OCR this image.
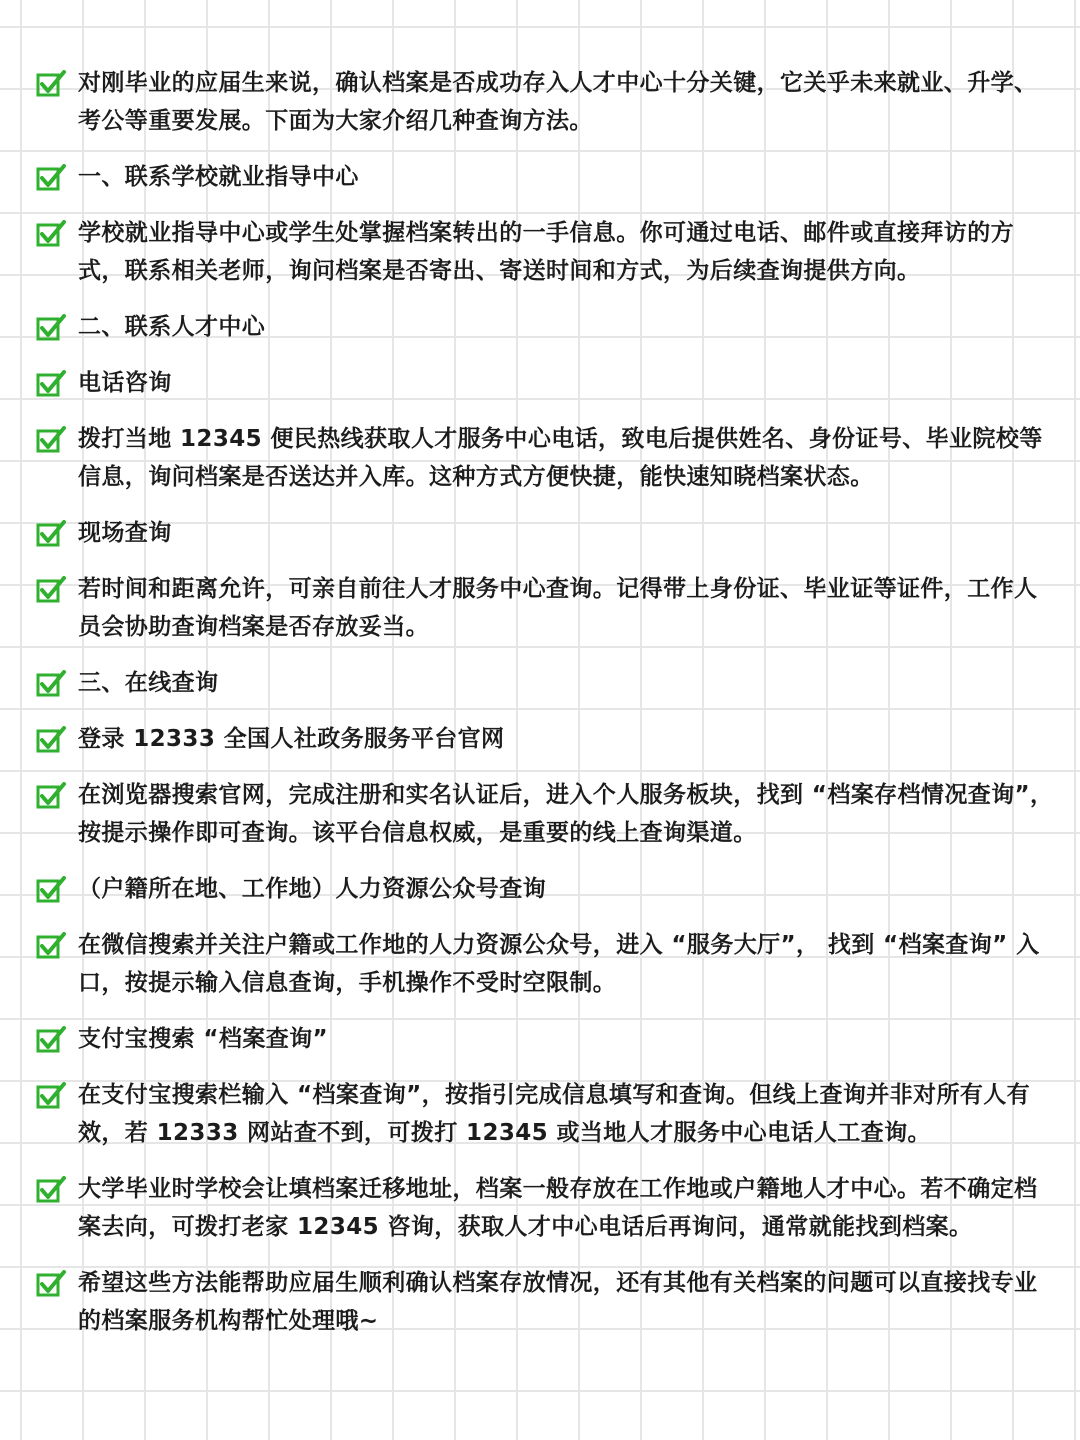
对刚毕业的应届生来说，确认档案是否成功存入人才中心十分关键，它关乎未来就业、升学、考公等重要发展。下面为大家介绍几种查询方法。
一、联系学校就业指导中心
学校就业指导中心或学生处掌握档案转出的一手信息。你可通过电话、邮件或直接拜访的方式，联系相关老师，询问档案是否寄出、寄送时间和方式，为后续查询提供方向。
二、联系人才中心
电话咨询
拨打当地 12345 便民热线获取人才服务中心电话，致电后提供姓名、身份证号、毕业院校等信息，询问档案是否送达并入库。这种方式方便快捷，能快速知晓档案状态。
现场查询
若时间和距离允许，可亲自前往人才服务中心查询。记得带上身份证、毕业证等证件，工作人员会协助查询档案是否存放妥当。
三、在线查询
登录 12333 全国人社政务服务平台官网
在浏览器搜索官网，完成注册和实名认证后，进入个人服务板块，找到 “档案存档情况查询”，按提示操作即可查询。该平台信息权威，是重要的线上查询渠道。
（户籍所在地、工作地）人力资源公众号查询
在微信搜索并关注户籍或工作地的人力资源公众号，进入 “服务大厅”， 找到 “档案查询” 入口，按提示输入信息查询，手机操作不受时空限制。
支付宝搜索 “档案查询”
在支付宝搜索栏输入 “档案查询”，按指引完成信息填写和查询。但线上查询并非对所有人有效，若 12333 网站查不到，可拨打 12345 或当地人才服务中心电话人工查询。
大学毕业时学校会让填档案迁移地址，档案一般存放在工作地或户籍地人才中心。若不确定档案去向，可拨打老家 12345 咨询，获取人才中心电话后再询问，通常就能找到档案。
希望这些方法能帮助应届生顺利确认档案存放情况，还有其他有关档案的问题可以直接找专业的档案服务机构帮忙处理哦~
